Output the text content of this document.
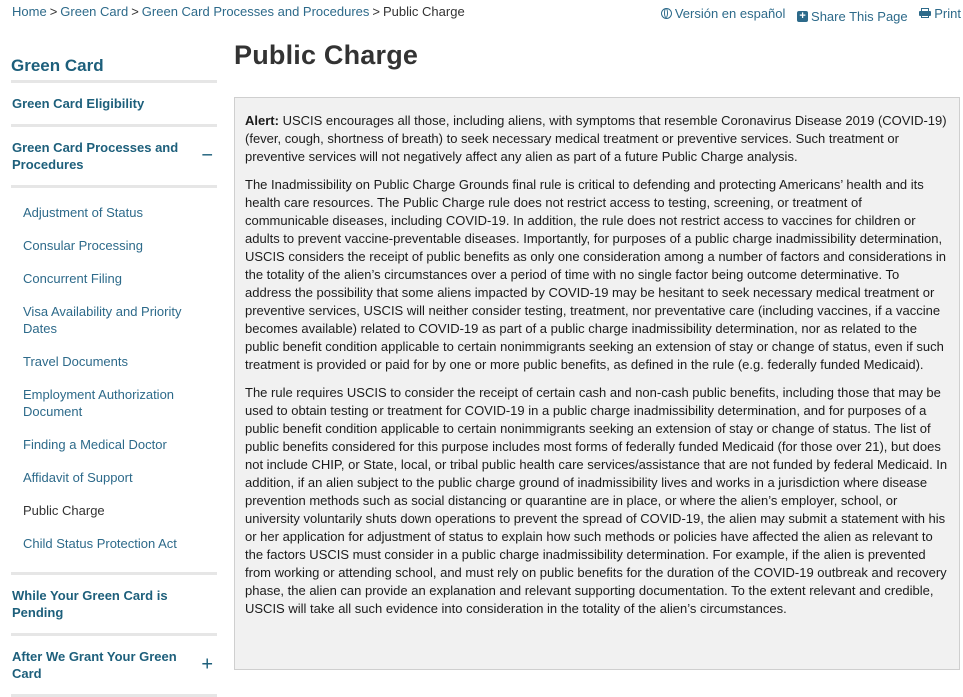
Home > Green Card > Green Card Processes and Procedures > Public Charge	Versión en español
+ Share This Page
Print
Green Card
Green Card Eligibility
Green Card Processes and Procedures	−
Adjustment of Status
Consular Processing
Concurrent Filing
Visa Availability and Priority Dates
Travel Documents
Employment Authorization Document
Finding a Medical Doctor
Affidavit of Support
Public Charge
Child Status Protection Act
While Your Green Card is Pending
After We Grant Your Green Card	+
Public Charge

Alert: USCIS encourages all those, including aliens, with symptoms that resemble Coronavirus Disease 2019 (COVID-19) (fever, cough, shortness of breath) to seek necessary medical treatment or preventive services. Such treatment or preventive services will not negatively affect any alien as part of a future Public Charge analysis.

The Inadmissibility on Public Charge Grounds final rule is critical to defending and protecting Americans’ health and its health care resources. The Public Charge rule does not restrict access to testing, screening, or treatment of communicable diseases, including COVID-19. In addition, the rule does not restrict access to vaccines for children or adults to prevent vaccine-preventable diseases. Importantly, for purposes of a public charge inadmissibility determination, USCIS considers the receipt of public benefits as only one consideration among a number of factors and considerations in the totality of the alien’s circumstances over a period of time with no single factor being outcome determinative. To address the possibility that some aliens impacted by COVID-19 may be hesitant to seek necessary medical treatment or preventive services, USCIS will neither consider testing, treatment, nor preventative care (including vaccines, if a vaccine becomes available) related to COVID-19 as part of a public charge inadmissibility determination, nor as related to the public benefit condition applicable to certain nonimmigrants seeking an extension of stay or change of status, even if such treatment is provided or paid for by one or more public benefits, as defined in the rule (e.g. federally funded Medicaid).

The rule requires USCIS to consider the receipt of certain cash and non-cash public benefits, including those that may be used to obtain testing or treatment for COVID-19 in a public charge inadmissibility determination, and for purposes of a public benefit condition applicable to certain nonimmigrants seeking an extension of stay or change of status. The list of public benefits considered for this purpose includes most forms of federally funded Medicaid (for those over 21), but does not include CHIP, or State, local, or tribal public health care services/assistance that are not funded by federal Medicaid. In addition, if an alien subject to the public charge ground of inadmissibility lives and works in a jurisdiction where disease prevention methods such as social distancing or quarantine are in place, or where the alien’s employer, school, or university voluntarily shuts down operations to prevent the spread of COVID-19, the alien may submit a statement with his or her application for adjustment of status to explain how such methods or policies have affected the alien as relevant to the factors USCIS must consider in a public charge inadmissibility determination. For example, if the alien is prevented from working or attending school, and must rely on public benefits for the duration of the COVID-19 outbreak and recovery phase, the alien can provide an explanation and relevant supporting documentation. To the extent relevant and credible, USCIS will take all such evidence into consideration in the totality of the alien’s circumstances.
